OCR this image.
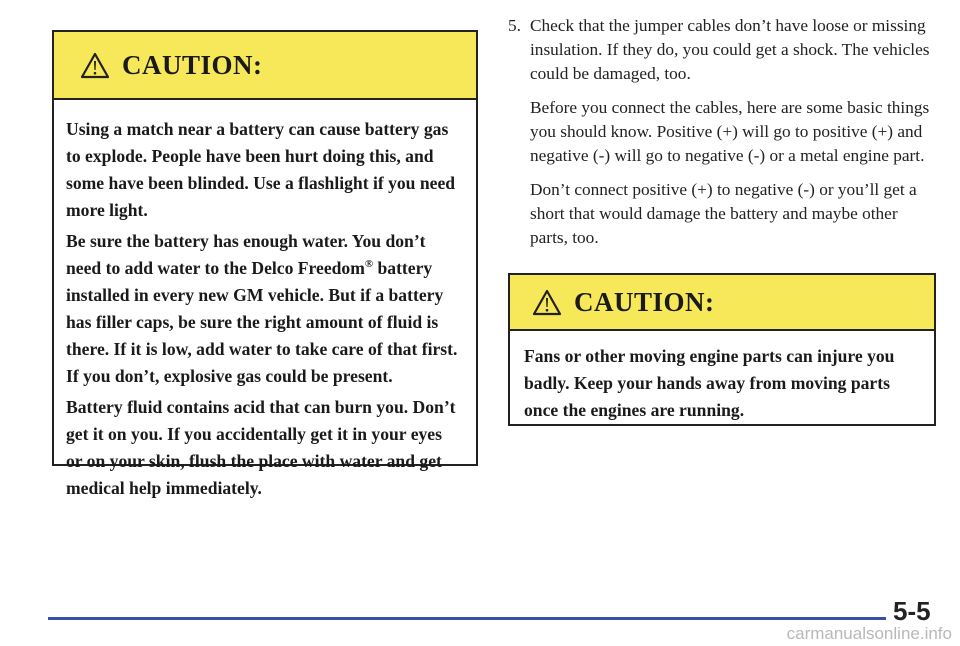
CAUTION:

Using a match near a battery can cause battery gas to explode. People have been hurt doing this, and some have been blinded. Use a flashlight if you need more light.

Be sure the battery has enough water. You don’t need to add water to the Delco Freedom® battery installed in every new GM vehicle. But if a battery has filler caps, be sure the right amount of fluid is there. If it is low, add water to take care of that first. If you don’t, explosive gas could be present.

Battery fluid contains acid that can burn you. Don’t get it on you. If you accidentally get it in your eyes or on your skin, flush the place with water and get medical help immediately.

5. Check that the jumper cables don’t have loose or missing insulation. If they do, you could get a shock. The vehicles could be damaged, too.

Before you connect the cables, here are some basic things you should know. Positive (+) will go to positive (+) and negative (-) will go to negative (-) or a metal engine part.

Don’t connect positive (+) to negative (-) or you’ll get a short that would damage the battery and maybe other parts, too.

CAUTION:

Fans or other moving engine parts can injure you badly. Keep your hands away from moving parts once the engines are running.

5-5
carmanualsonline.info
